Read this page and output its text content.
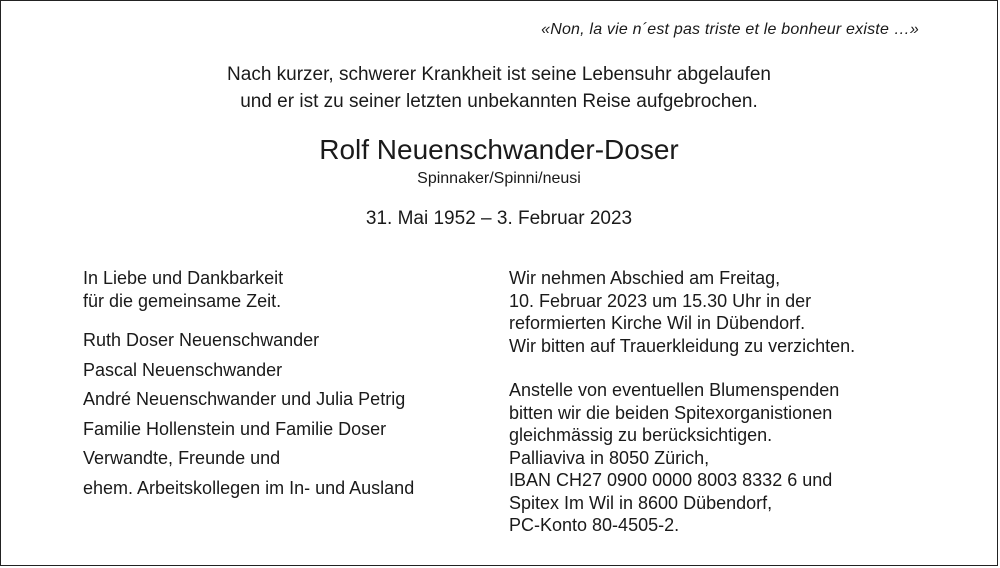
«Non, la vie n´est pas triste et le bonheur existe …»
Nach kurzer, schwerer Krankheit ist seine Lebensuhr abgelaufen
und er ist zu seiner letzten unbekannten Reise aufgebrochen.
Rolf Neuenschwander-Doser
Spinnaker/Spinni/neusi
31. Mai 1952 – 3. Februar 2023
In Liebe und Dankbarkeit
für die gemeinsame Zeit.
Ruth Doser Neuenschwander
Pascal Neuenschwander
André Neuenschwander und Julia Petrig
Familie Hollenstein und Familie Doser
Verwandte, Freunde und
ehem. Arbeitskollegen im In- und Ausland
Wir nehmen Abschied am Freitag,
10. Februar 2023 um 15.30 Uhr in der
reformierten Kirche Wil in Dübendorf.
Wir bitten auf Trauerkleidung zu verzichten.
Anstelle von eventuellen Blumenspenden
bitten wir die beiden Spitexorganistionen
gleichmässig zu berücksichtigen.
Palliaviva in 8050 Zürich,
IBAN CH27 0900 0000 8003 8332 6 und
Spitex Im Wil in 8600 Dübendorf,
PC-Konto 80-4505-2.
